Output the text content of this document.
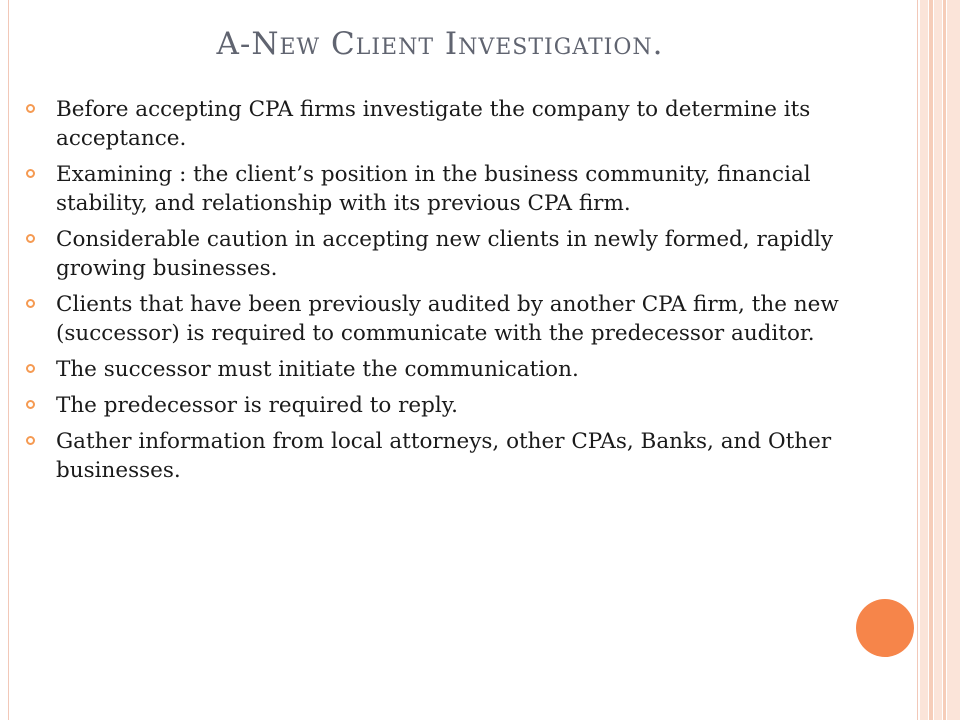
A-New Client Investigation.

Before accepting CPA firms investigate the company to determine its acceptance.

Examining : the client’s position in the business community, financial stability, and relationship with its previous CPA firm.

Considerable caution in accepting new clients in newly formed, rapidly growing businesses.

Clients that have been previously audited by another CPA firm, the new (successor) is required to communicate with the predecessor auditor.

The successor must initiate the communication.

The predecessor is required to reply.

Gather information from local attorneys, other CPAs, Banks, and Other businesses.
